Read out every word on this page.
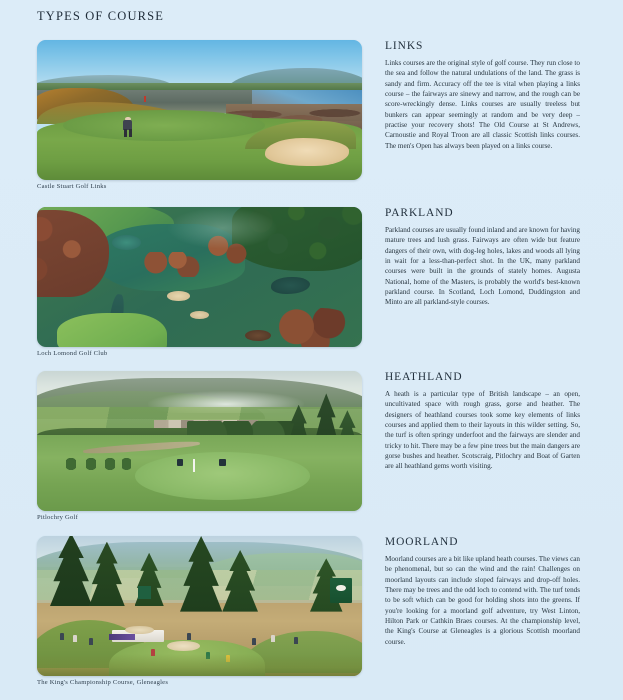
TYPES OF COURSE
Castle Stuart Golf Links
LINKS

Links courses are the original style of golf course. They run close to the sea and follow the natural undulations of the land. The grass is sandy and firm. Accuracy off the tee is vital when playing a links course – the fairways are sinewy and narrow, and the rough can be score-wreckingly dense. Links courses are usually treeless but bunkers can appear seemingly at random and be very deep – practise your recovery shots! The Old Course at St Andrews, Carnoustie and Royal Troon are all classic Scottish links courses. The men's Open has always been played on a links course.

Loch Lomond Golf Club
PARKLAND

Parkland courses are usually found inland and are known for having mature trees and lush grass. Fairways are often wide but feature dangers of their own, with dog-leg holes, lakes and woods all lying in wait for a less-than-perfect shot. In the UK, many parkland courses were built in the grounds of stately homes. Augusta National, home of the Masters, is probably the world's best-known parkland course. In Scotland, Loch Lomond, Duddingston and Minto are all parkland-style courses.

Pitlochry Golf
HEATHLAND

A heath is a particular type of British landscape – an open, uncultivated space with rough grass, gorse and heather. The designers of heathland courses took some key elements of links courses and applied them to their layouts in this wilder setting. So, the turf is often springy underfoot and the fairways are slender and tricky to hit. There may be a few pine trees but the main dangers are gorse bushes and heather. Scotscraig, Pitlochry and Boat of Garten are all heathland gems worth visiting.

The King's Championship Course, Gleneagles
MOORLAND

Moorland courses are a bit like upland heath courses. The views can be phenomenal, but so can the wind and the rain! Challenges on moorland layouts can include sloped fairways and drop-off holes. There may be trees and the odd loch to contend with. The turf tends to be soft which can be good for holding shots into the greens. If you're looking for a moorland golf adventure, try West Linton, Hilton Park or Cathkin Braes courses. At the championship level, the King's Course at Gleneagles is a glorious Scottish moorland course.
